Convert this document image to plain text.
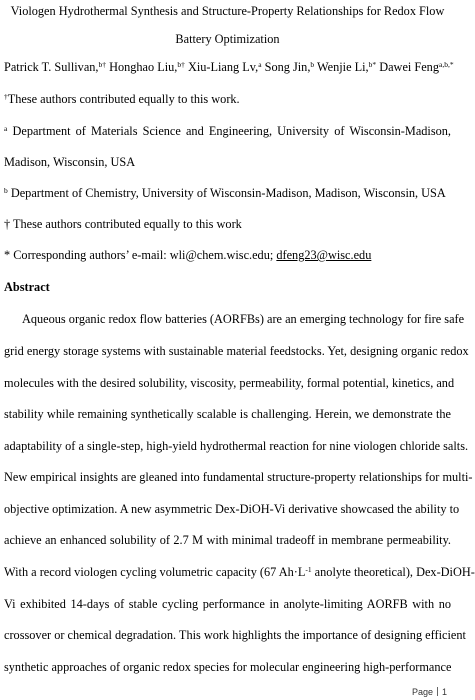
Viologen Hydrothermal Synthesis and Structure-Property Relationships for Redox Flow
Battery Optimization
Patrick T. Sullivan,$^{b\dagger}$ Honghao Liu,$^{b\dagger}$ Xiu-Liang Lv,$^a$ Song Jin,$^b$ Wenjie Li,$^{b*}$ Dawei Feng$^{a,b,*}$
†These authors contributed equally to this work.
$^a$ Department of Materials Science and Engineering, University of Wisconsin-Madison,
Madison, Wisconsin, USA
$^b$ Department of Chemistry, University of Wisconsin-Madison, Madison, Wisconsin, USA
† These authors contributed equally to this work
* Corresponding authors’ e-mail: wli@chem.wisc.edu; dfeng23@wisc.edu
Abstract
Aqueous organic redox flow batteries (AORFBs) are an emerging technology for fire safe
grid energy storage systems with sustainable material feedstocks. Yet, designing organic redox
molecules with the desired solubility, viscosity, permeability, formal potential, kinetics, and
stability while remaining synthetically scalable is challenging. Herein, we demonstrate the
adaptability of a single-step, high-yield hydrothermal reaction for nine viologen chloride salts.
New empirical insights are gleaned into fundamental structure-property relationships for multi-
objective optimization. A new asymmetric Dex-DiOH-Vi derivative showcased the ability to
achieve an enhanced solubility of 2.7 M with minimal tradeoff in membrane permeability.
With a record viologen cycling volumetric capacity (67 $Ah\cdot L^{-1}$ anolyte theoretical), Dex-DiOH-
Vi exhibited 14-days of stable cycling performance in anolyte-limiting AORFB with no
crossover or chemical degradation. This work highlights the importance of designing efficient
synthetic approaches of organic redox species for molecular engineering high-performance
Page 1
